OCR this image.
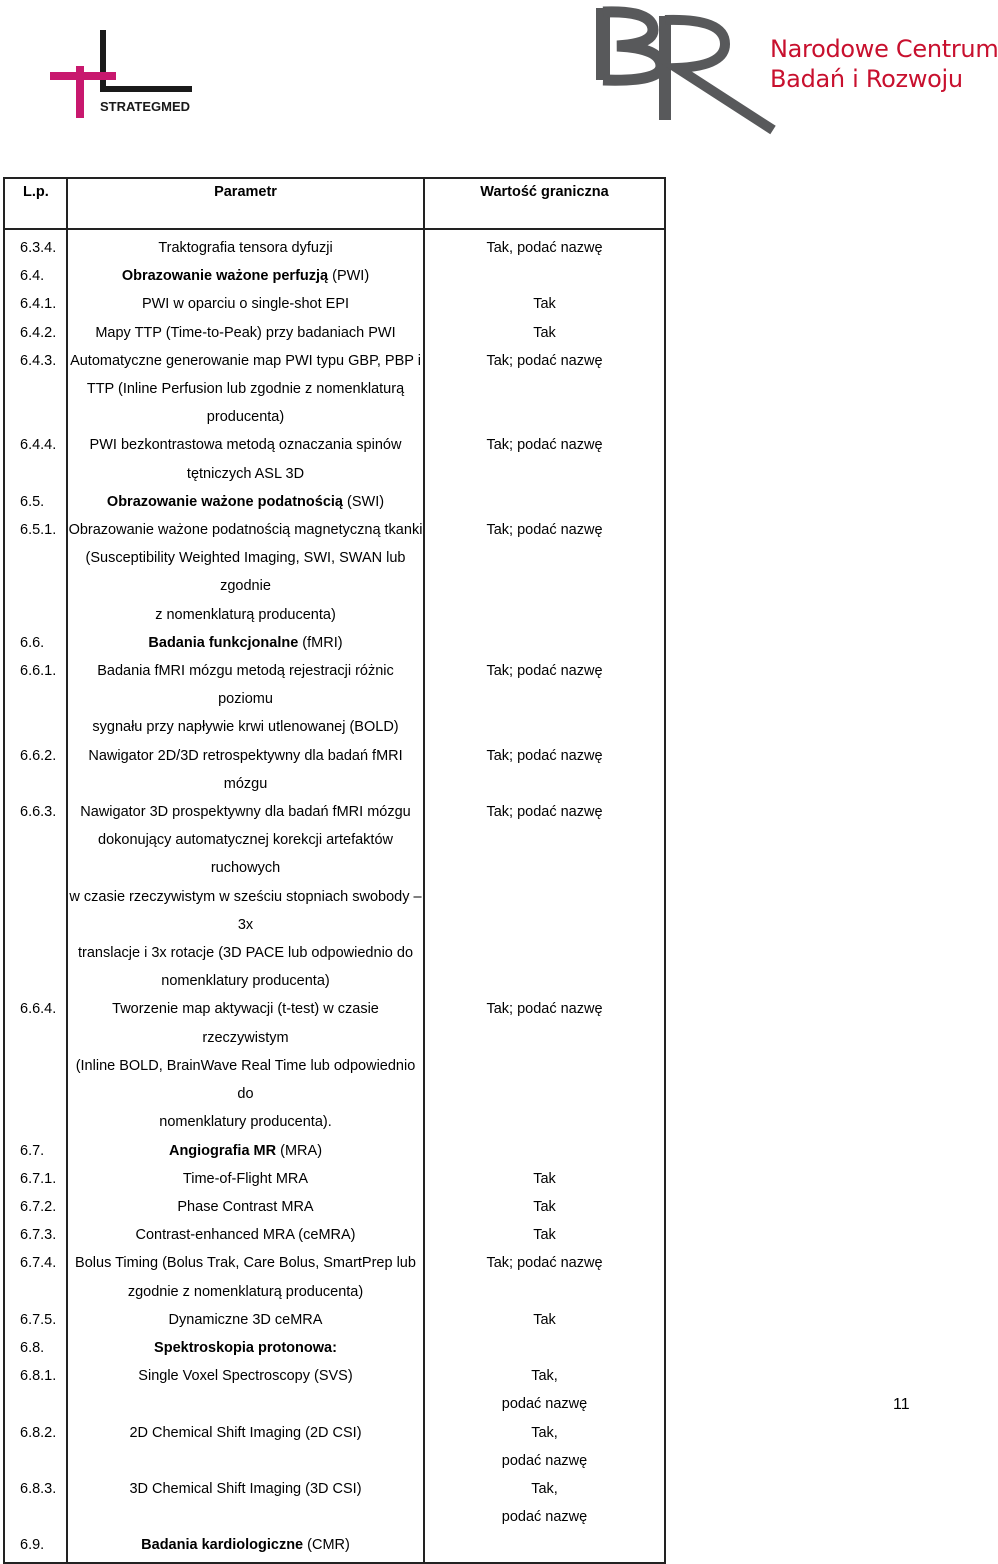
STRATEGMED
Narodowe Centrum
Badań i Rozwoju
L.p.	Parametr	Wartość graniczna
6.3.4.	Traktografia tensora dyfuzji	Tak, podać nazwę
6.4.	Obrazowanie ważone perfuzją (PWI)	
6.4.1.	PWI w oparciu o single-shot EPI	Tak
6.4.2.	Mapy TTP (Time-to-Peak) przy badaniach PWI	Tak
6.4.3.	Automatyczne generowanie map PWI typu GBP, PBP i
TTP (Inline Perfusion lub zgodnie z nomenklaturą
producenta)	Tak; podać nazwę
6.4.4.	PWI bezkontrastowa metodą oznaczania spinów
tętniczych ASL 3D	Tak; podać nazwę
6.5.	Obrazowanie ważone podatnością (SWI)	
6.5.1.	Obrazowanie ważone podatnością magnetyczną tkanki
(Susceptibility Weighted Imaging, SWI, SWAN lub zgodnie
z nomenklaturą producenta)	Tak; podać nazwę
6.6.	Badania funkcjonalne (fMRI)	
6.6.1.	Badania fMRI mózgu metodą rejestracji różnic poziomu
sygnału przy napływie krwi utlenowanej (BOLD)	Tak; podać nazwę
6.6.2.	Nawigator 2D/3D retrospektywny dla badań fMRI mózgu	Tak; podać nazwę
6.6.3.	Nawigator 3D prospektywny dla badań fMRI mózgu
dokonujący automatycznej korekcji artefaktów ruchowych
w czasie rzeczywistym w sześciu stopniach swobody – 3x
translacje i 3x rotacje (3D PACE lub odpowiednio do
nomenklatury producenta)	Tak; podać nazwę
6.6.4.	Tworzenie map aktywacji (t-test) w czasie rzeczywistym
(Inline BOLD, BrainWave Real Time lub odpowiednio do
nomenklatury producenta).	Tak; podać nazwę
6.7.	Angiografia MR (MRA)	
6.7.1.	Time-of-Flight MRA	Tak
6.7.2.	Phase Contrast MRA	Tak
6.7.3.	Contrast-enhanced MRA (ceMRA)	Tak
6.7.4.	Bolus Timing (Bolus Trak, Care Bolus, SmartPrep lub
zgodnie z nomenklaturą producenta)	Tak; podać nazwę
6.7.5.	Dynamiczne 3D ceMRA	Tak
6.8.	Spektroskopia protonowa:	
6.8.1.	Single Voxel Spectroscopy (SVS)	Tak,
podać nazwę
6.8.2.	2D Chemical Shift Imaging (2D CSI)	Tak,
podać nazwę
6.8.3.	3D Chemical Shift Imaging (3D CSI)	Tak,
podać nazwę
6.9.	Badania kardiologiczne (CMR)	
11
